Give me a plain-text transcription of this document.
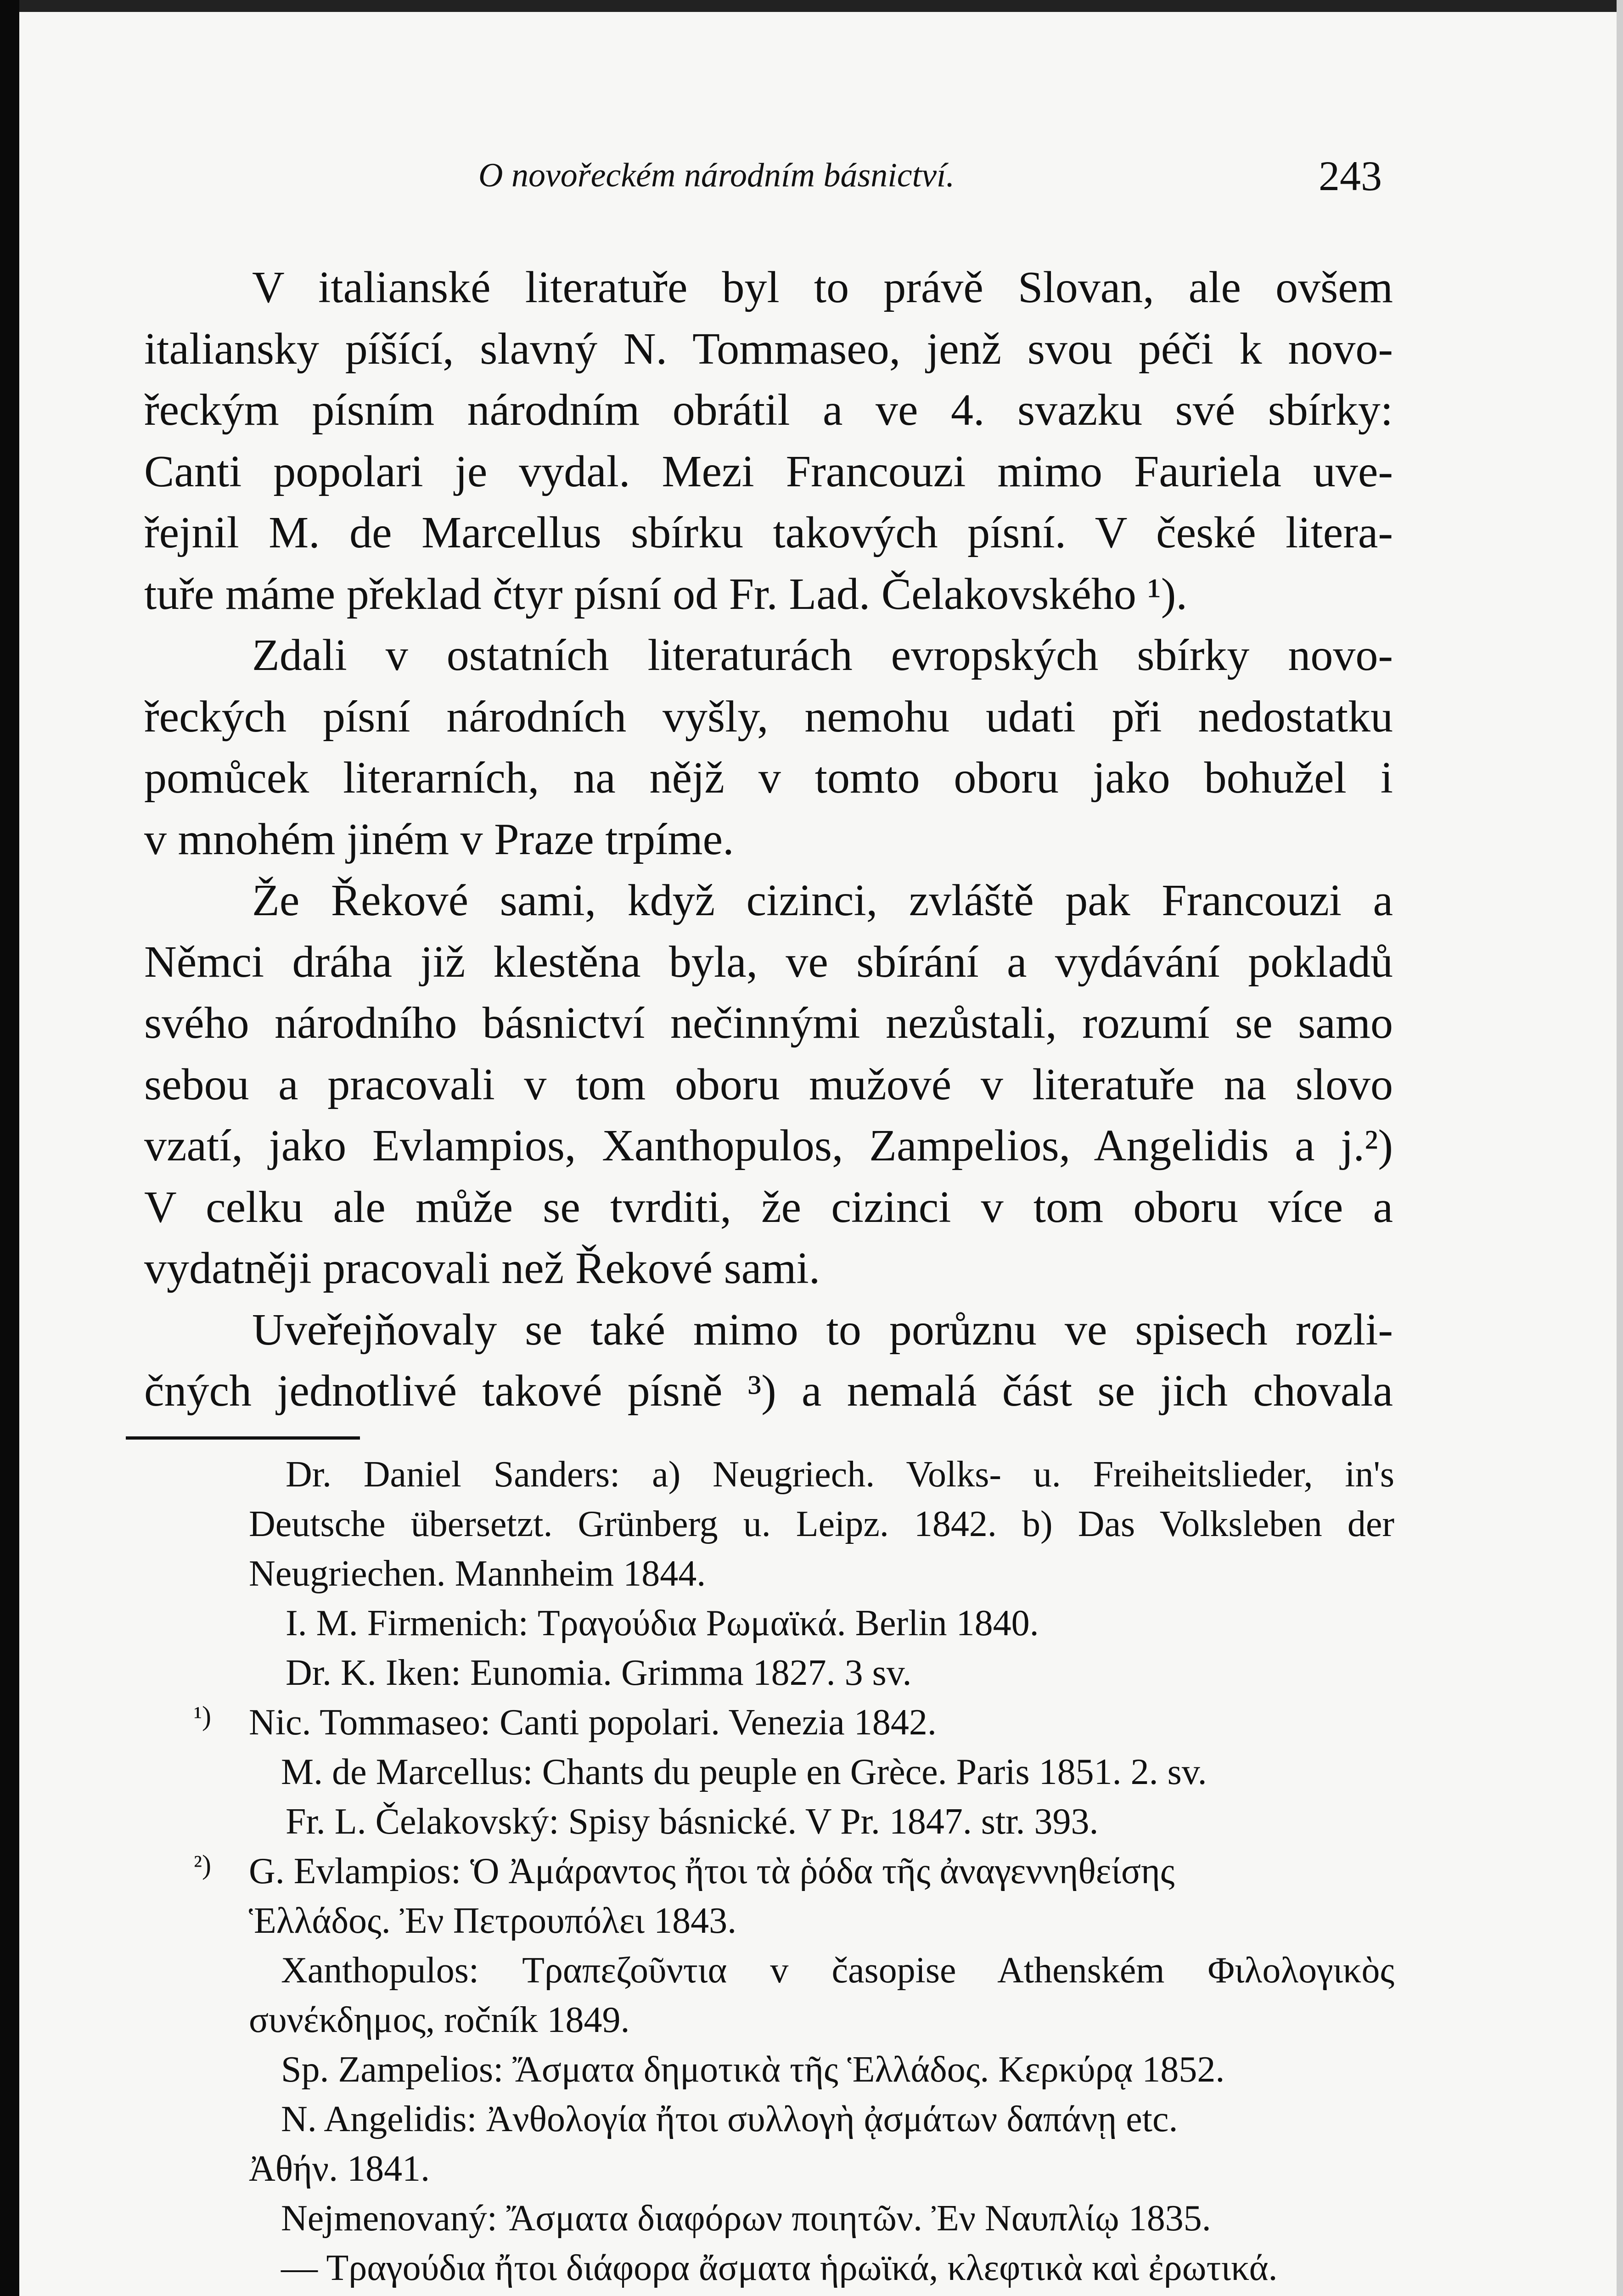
O novořeckém národním básnictví.	243
V italianské literatuře byl to právě Slovan, ale ovšem
italiansky píšící, slavný N. Tommaseo, jenž svou péči k novo-
řeckým písním národním obrátil a ve 4. svazku své sbírky:
Canti popolari je vydal. Mezi Francouzi mimo Fauriela uve-
řejnil M. de Marcellus sbírku takových písní. V české litera-
tuře máme překlad čtyr písní od Fr. Lad. Čelakovského ¹).
Zdali v ostatních literaturách evropských sbírky novo-
řeckých písní národních vyšly, nemohu udati při nedostatku
pomůcek literarních, na nějž v tomto oboru jako bohužel i
v mnohém jiném v Praze trpíme.
Že Řekové sami, když cizinci, zvláště pak Francouzi a
Němci dráha již klestěna byla, ve sbírání a vydávání pokladů
svého národního básnictví nečinnými nezůstali, rozumí se samo
sebou a pracovali v tom oboru mužové v literatuře na slovo
vzatí, jako Evlampios, Xanthopulos, Zampelios, Angelidis a j.²)
V celku ale může se tvrditi, že cizinci v tom oboru více a
vydatněji pracovali než Řekové sami.
Uveřejňovaly se také mimo to porůznu ve spisech rozli-
čných jednotlivé takové písně ³) a nemalá část se jich chovala
Dr. Daniel Sanders: a) Neugriech. Volks- u. Freiheitslieder, in's
Deutsche übersetzt. Grünberg u. Leipz. 1842. b) Das Volksleben der
Neugriechen. Mannheim 1844.
I. M. Firmenich: Τραγούδια Ρωμαϊκά. Berlin 1840.
Dr. K. Iken: Eunomia. Grimma 1827. 3 sv.
¹) Nic. Tommaseo: Canti popolari. Venezia 1842.
M. de Marcellus: Chants du peuple en Grèce. Paris 1851. 2. sv.
Fr. L. Čelakovský: Spisy básnické. V Pr. 1847. str. 393.
²) G. Evlampios: Ὁ Ἀμάραντος ἤτοι τὰ ῥόδα τῆς ἀναγεννηθείσης
Ἑλλάδος. Ἐν Πετρουπόλει 1843.
Xanthopulos: Τραπεζοῦντια v časopise Athenském Φιλολογικὸς
συνέκδημος, ročník 1849.
Sp. Zampelios: Ἄσματα δημοτικὰ τῆς Ἑλλάδος. Κερκύρᾳ 1852.
N. Angelidis: Ἀνθολογία ἤτοι συλλογὴ ᾀσμάτων δαπάνῃ etc.
Ἀθήν. 1841.
Nejmenovaný: Ἄσματα διαφόρων ποιητῶν. Ἐν Ναυπλίῳ 1835.
— Τραγούδια ἤτοι διάφορα ἄσματα ἡρωϊκά, κλεφτικὰ καὶ ἐρωτικά.
